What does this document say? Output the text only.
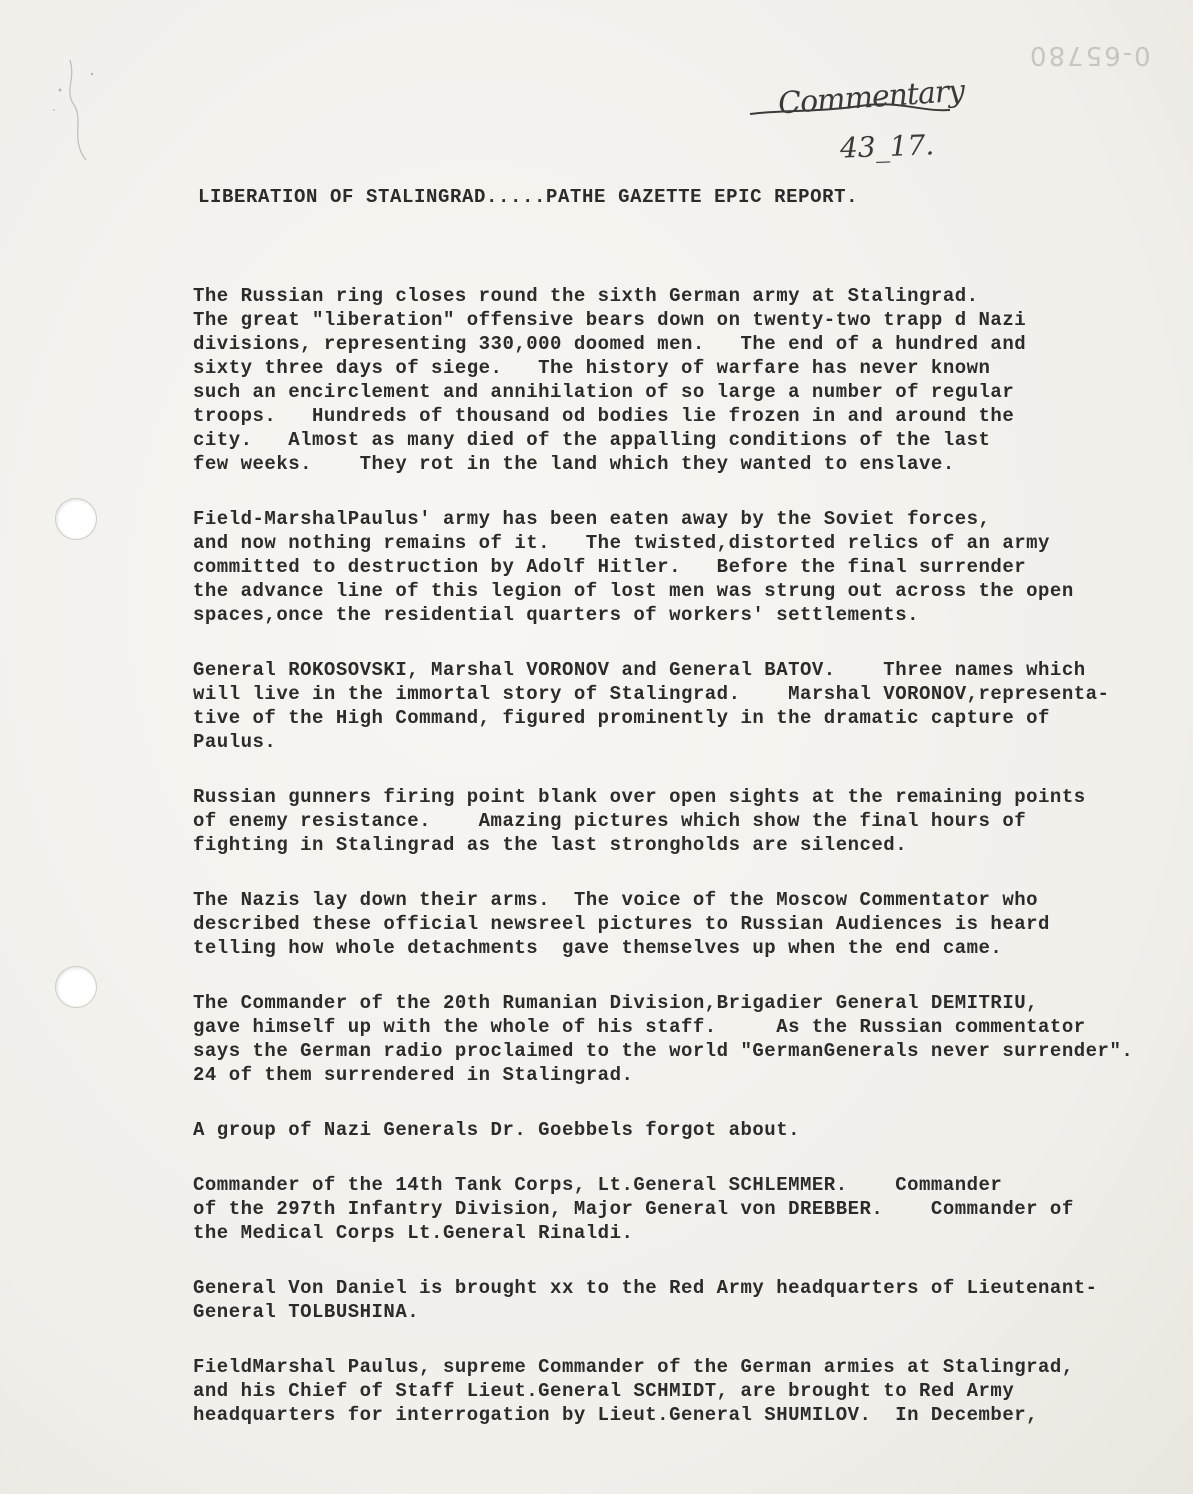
0-65780
Commentary
43_17.
LIBERATION OF STALINGRAD.....PATHE GAZETTE EPIC REPORT.
The Russian ring closes round the sixth German army at Stalingrad.
The great "liberation" offensive bears down on twenty-two trapp d Nazi
divisions, representing 330,000 doomed men.   The end of a hundred and
sixty three days of siege.   The history of warfare has never known
such an encirclement and annihilation of so large a number of regular
troops.   Hundreds of thousand od bodies lie frozen in and around the
city.   Almost as many died of the appalling conditions of the last
few weeks.    They rot in the land which they wanted to enslave.
Field-MarshalPaulus' army has been eaten away by the Soviet forces,
and now nothing remains of it.   The twisted,distorted relics of an army
committed to destruction by Adolf Hitler.   Before the final surrender
the advance line of this legion of lost men was strung out across the open
spaces,once the residential quarters of workers' settlements.
General ROKOSOVSKI, Marshal VORONOV and General BATOV.    Three names which
will live in the immortal story of Stalingrad.    Marshal VORONOV,representa-
tive of the High Command, figured prominently in the dramatic capture of
Paulus.
Russian gunners firing point blank over open sights at the remaining points
of enemy resistance.    Amazing pictures which show the final hours of
fighting in Stalingrad as the last strongholds are silenced.
The Nazis lay down their arms.  The voice of the Moscow Commentator who
described these official newsreel pictures to Russian Audiences is heard
telling how whole detachments  gave themselves up when the end came.
The Commander of the 20th Rumanian Division,Brigadier General DEMITRIU,
gave himself up with the whole of his staff.     As the Russian commentator
says the German radio proclaimed to the world "GermanGenerals never surrender".
24 of them surrendered in Stalingrad.
A group of Nazi Generals Dr. Goebbels forgot about.
Commander of the 14th Tank Corps, Lt.General SCHLEMMER.    Commander
of the 297th Infantry Division, Major General von DREBBER.    Commander of
the Medical Corps Lt.General Rinaldi.
General Von Daniel is brought xx to the Red Army headquarters of Lieutenant-
General TOLBUSHINA.
FieldMarshal Paulus, supreme Commander of the German armies at Stalingrad,
and his Chief of Staff Lieut.General SCHMIDT, are brought to Red Army
headquarters for interrogation by Lieut.General SHUMILOV.  In December,
